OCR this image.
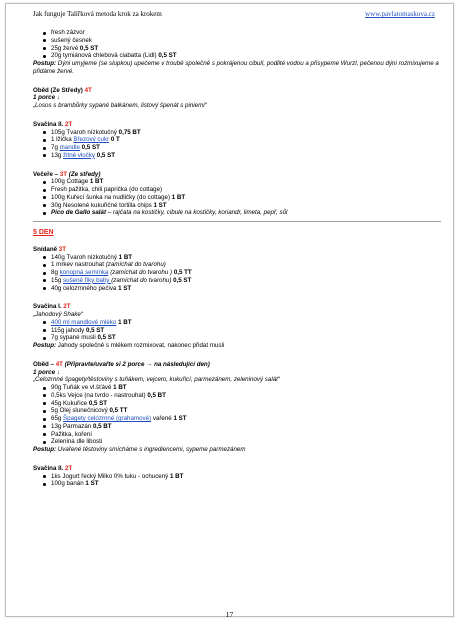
Jak funguje Talířková metoda krok za krokem	www.pavlatomaskova.cz
fresh zázvor
sušený česnek
25g žervé 0,5 ST
20g tymiánová chlebová ciabatta (Lidl) 0,5 ST

Postup: Dýni umyjeme (se slupkou) upečeme v troubě společně s pokrájenou cibulí, podlité vodou a přisypeme Wurzl, pečenou dýni rozmixujeme a přidáme žervé.

Oběd (Ze Středy) 4T

1 porce ↓

„Losos s brambůrky sypané balkánem, listový špenát s piniemi“

Svačina II. 2T

105g Tvaroh nízkotučný 0,75 BT
1 lžička Březový cukr 0 T
7g mandle 0,5 ST
13g žitné vločky 0,5 ST

Večeře – 3T (Ze středy)

100g Cottage 1 BT
Fresh pažitka, chili paprička (do cottage)
100g Kuřecí šunka na nudličky (do cottage) 1 BT
30g Nesolené kukuřičné tortilla chips 1 ST
Pico de Gallo salát – rajčata na kostičky, cibule na kostičky, koriandr, limeta, pepř, sůl

5 DEN

Snídaně 3T

140g Tvaroh nízkotučný 1 BT
1 mrkev nastrouhat (zamíchat do tvarohu)
8g konopná semínka (zamíchat do tvarohu ) 0,5 TT
15g sušené fíky baby (zamíchat do tvarohu) 0,5 ST
40g celozrnného pečiva 1 ST

Svačina I. 2T

„Jahodový Shake“

400 ml mandlové mléko 1 BT
115g jahody 0,5 ST
7g sypané musli 0,5 ST

Postup: Jahody společně s mlékem rozmixovat, nakonec přidat musli

Oběd – 4T (Připravte/uvařte si 2 porce → na následující den)

1 porce ↓

„Celozrnné špagety/těstoviny s tuňákem, vejcem, kukuřicí, parmezánem, zeleninový salát“

90g Tuňák ve vl.šťávě 1 BT
0,5ks Vejce (na tvrdo - nastrouhat) 0,5 BT
45g Kukuřice 0,5 ST
5g Olej slunečnicový 0,5 TT
65g Špagety celozrnné (grahamové) vařené 1 ST
13g Parmazán 0,5 BT
Pažitka, koření
Zelenina dle libosti

Postup: Uvařené těstoviny smícháme s ingrediencemi, sypeme parmezánem

Svačina II. 2T

1ks Jogurt řecký Milko 0% tuku - ochucený 1 BT
100g banán 1 ST
17
